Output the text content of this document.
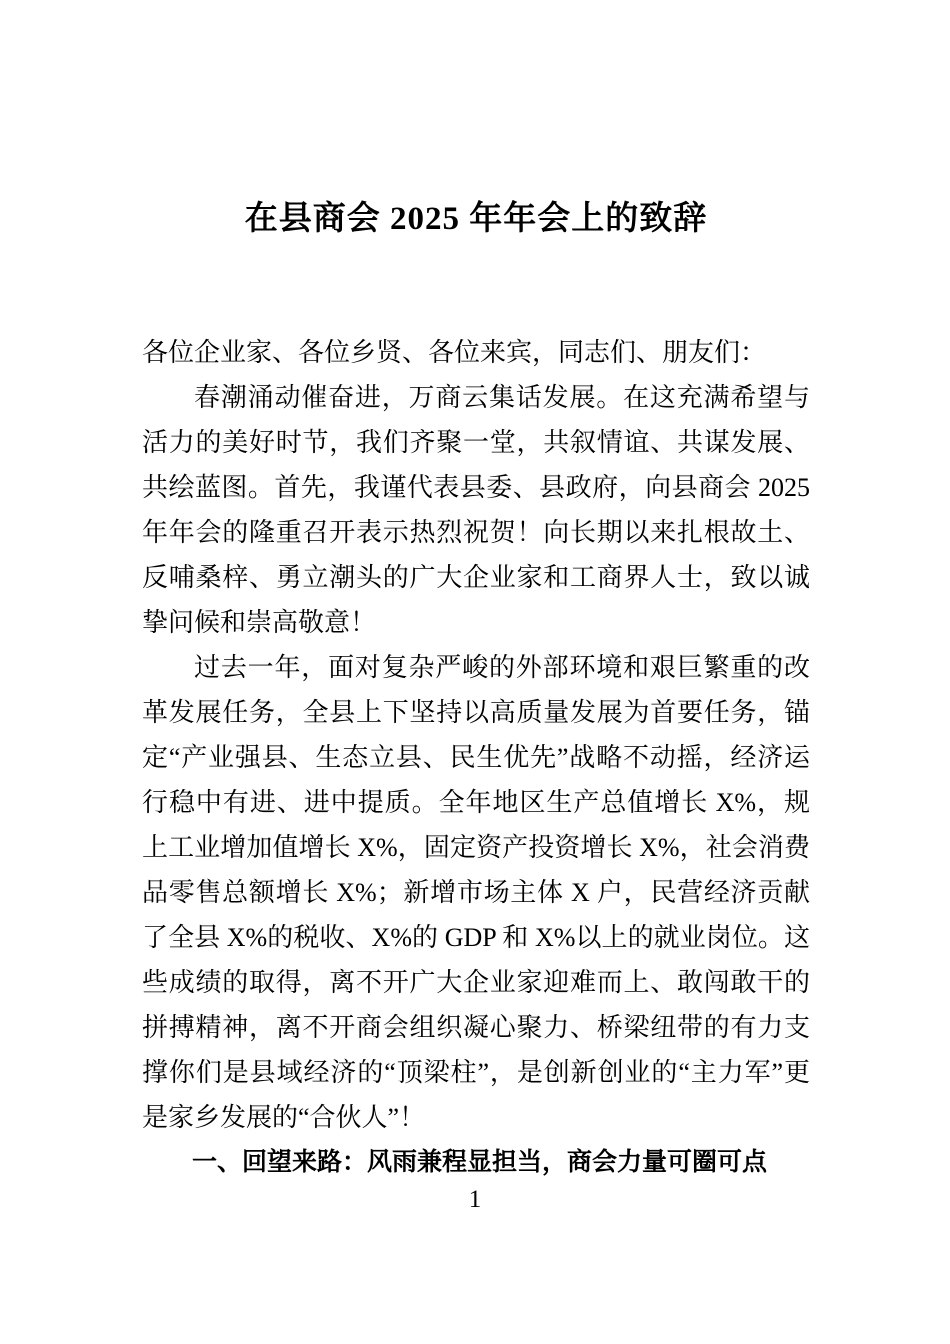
在县商会 2025 年年会上的致辞

各位企业家、各位乡贤、各位来宾，同志们、朋友们：

春潮涌动催奋进，万商云集话发展。在这充满希望与活力的美好时节，我们齐聚一堂，共叙情谊、共谋发展、共绘蓝图。首先，我谨代表县委、县政府，向县商会 2025 年年会的隆重召开表示热烈祝贺！向长期以来扎根故土、反哺桑梓、勇立潮头的广大企业家和工商界人士，致以诚挚问候和崇高敬意！

过去一年，面对复杂严峻的外部环境和艰巨繁重的改革发展任务，全县上下坚持以高质量发展为首要任务，锚定“产业强县、生态立县、民生优先”战略不动摇，经济运行稳中有进、进中提质。全年地区生产总值增长 X%，规上工业增加值增长 X%，固定资产投资增长 X%，社会消费品零售总额增长 X%；新增市场主体 X 户，民营经济贡献了全县 X%的税收、X%的 GDP 和 X%以上的就业岗位。这些成绩的取得，离不开广大企业家迎难而上、敢闯敢干的拼搏精神，离不开商会组织凝心聚力、桥梁纽带的有力支撑你们是县域经济的“顶梁柱”，是创新创业的“主力军”更是家乡发展的“合伙人”！

一、回望来路：风雨兼程显担当，商会力量可圈可点

1
